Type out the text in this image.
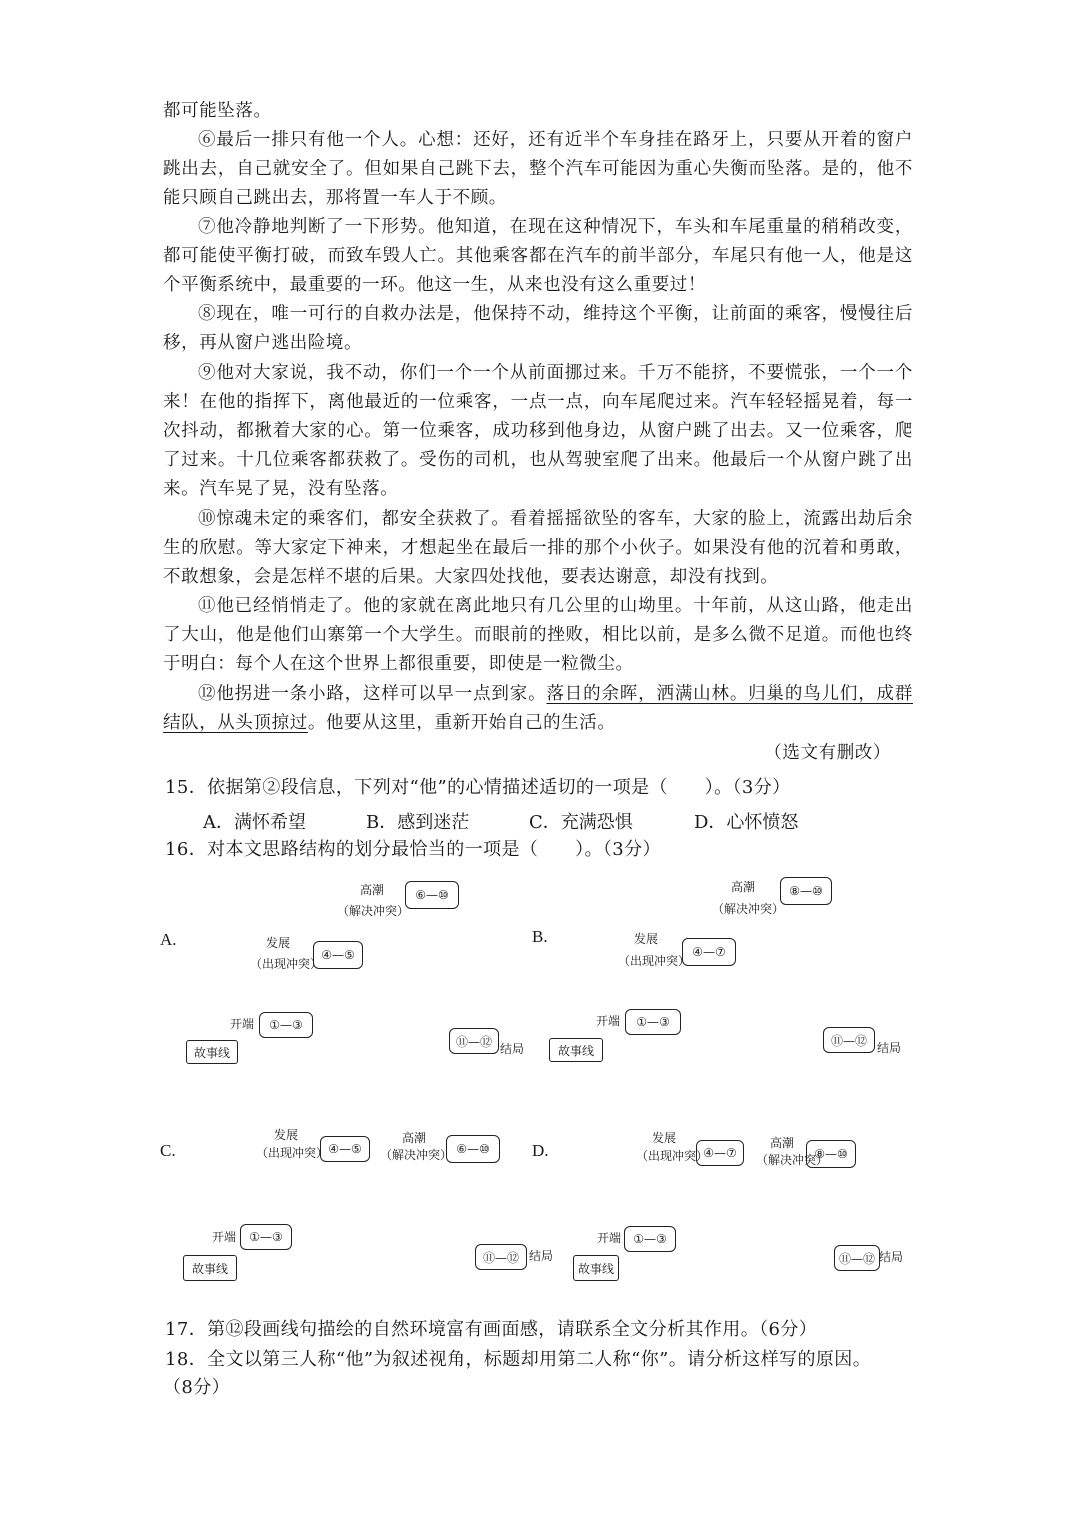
都可能坠落。
⑥最后一排只有他一个人。心想：还好，还有近半个车身挂在路牙上，只要从开着的窗户跳出去，自己就安全了。但如果自己跳下去，整个汽车可能因为重心失衡而坠落。是的，他不能只顾自己跳出去，那将置一车人于不顾。
⑦他冷静地判断了一下形势。他知道，在现在这种情况下，车头和车尾重量的稍稍改变，都可能使平衡打破，而致车毁人亡。其他乘客都在汽车的前半部分，车尾只有他一人，他是这个平衡系统中，最重要的一环。他这一生，从来也没有这么重要过！
⑧现在，唯一可行的自救办法是，他保持不动，维持这个平衡，让前面的乘客，慢慢往后移，再从窗户逃出险境。
⑨他对大家说，我不动，你们一个一个从前面挪过来。千万不能挤，不要慌张，一个一个来！在他的指挥下，离他最近的一位乘客，一点一点，向车尾爬过来。汽车轻轻摇晃着，每一次抖动，都揪着大家的心。第一位乘客，成功移到他身边，从窗户跳了出去。又一位乘客，爬了过来。十几位乘客都获救了。受伤的司机，也从驾驶室爬了出来。他最后一个从窗户跳了出来。汽车晃了晃，没有坠落。
⑩惊魂未定的乘客们，都安全获救了。看着摇摇欲坠的客车，大家的脸上，流露出劫后余生的欣慰。等大家定下神来，才想起坐在最后一排的那个小伙子。如果没有他的沉着和勇敢，不敢想象，会是怎样不堪的后果。大家四处找他，要表达谢意，却没有找到。
⑪他已经悄悄走了。他的家就在离此地只有几公里的山坳里。十年前，从这山路，他走出了大山，他是他们山寨第一个大学生。而眼前的挫败，相比以前，是多么微不足道。而他也终于明白：每个人在这个世界上都很重要，即使是一粒微尘。
⑫他拐进一条小路，这样可以早一点到家。落日的余晖，洒满山林。归巢的鸟儿们，成群结队，从头顶掠过。他要从这里，重新开始自己的生活。
（选文有删改）
15．依据第②段信息，下列对“他”的心情描述适切的一项是（　　）。（3分）
A．满怀希望	B．感到迷茫	C．充满恐惧	D．心怀愤怒
16．对本文思路结构的划分最恰当的一项是（　　）。（3分）
A.
高潮
（解决冲突）
⑥—⑩
发展
（出现冲突）
④—⑤
开端	①—③
故事线
⑪—⑫
结局
B.
高潮
（解决冲突）
⑧—⑩
发展
（出现冲突）
④—⑦
开端	①—③
故事线
⑪—⑫
结局
C.
发展
（出现冲突） ④—⑤
高潮
（解决冲突） ⑥—⑩
开端	①—③
故事线
⑪—⑫ 结局
D.
发展
（出现冲突）
④—⑦
高潮
（解决冲突）
⑧—⑩
开端	①—③
故事线
⑪—⑫ 结局
17．第⑫段画线句描绘的自然环境富有画面感，请联系全文分析其作用。（6分）
18．全文以第三人称“他”为叙述视角，标题却用第二人称“你”。请分析这样写的原因。
（8分）
